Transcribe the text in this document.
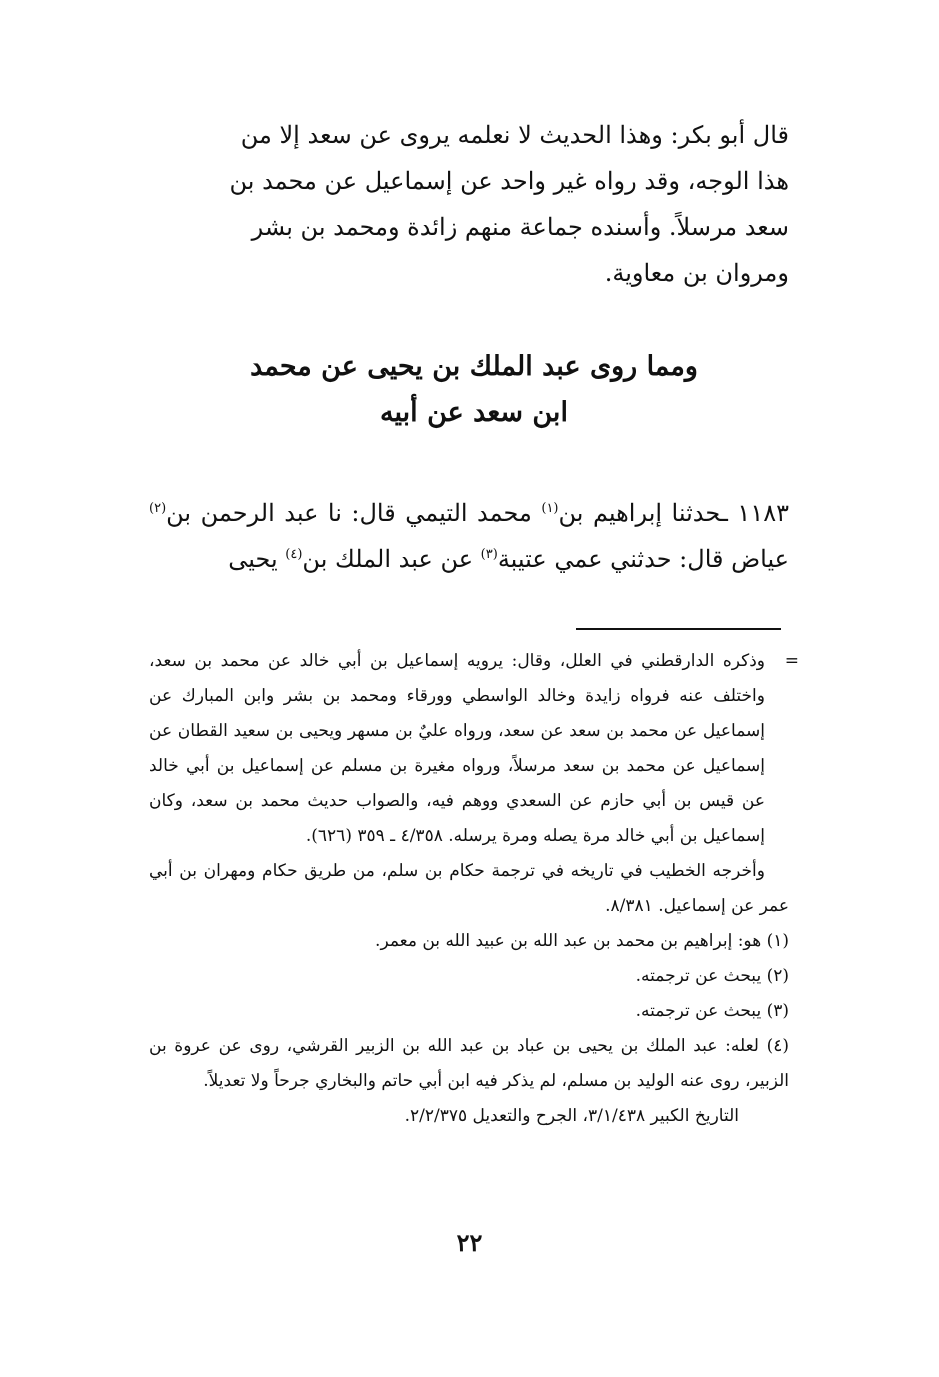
قال أبو بكر: وهذا الحديث لا نعلمه يروى عن سعد إلا من

هذا الوجه، وقد رواه غير واحد عن إسماعيل عن محمد بن

سعد مرسلاً. وأسنده جماعة منهم زائدة ومحمد بن بشر

ومروان بن معاوية.

ومما روى عبد الملك بن يحيى عن محمد
ابن سعد عن أبيه

١١٨٣ ـحدثنا إبراهيم بن$^{(١)}$ محمد التيمي قال: نا عبد الرحمن بن$^{(٢)}$ عياض قال: حدثني عمي عتيبة$^{(٣)}$ عن عبد الملك بن$^{(٤)}$ يحيى

=
وذكره الدارقطني في العلل، وقال: يرويه إسماعيل بن أبي خالد عن محمد بن سعد، واختلف عنه فرواه زايدة وخالد الواسطي وورقاء ومحمد بن بشر وابن المبارك عن إسماعيل عن محمد بن سعد عن سعد، ورواه عليٌ بن مسهر ويحيى بن سعيد القطان عن إسماعيل عن محمد بن سعد مرسلاً، ورواه مغيرة بن مسلم عن إسماعيل بن أبي خالد عن قيس بن أبي حازم عن السعدي ووهم فيه، والصواب حديث محمد بن سعد، وكان إسماعيل بن أبي خالد مرة يصله ومرة يرسله. ٤/٣٥٨ ـ ٣٥٩ (٦٢٦).

وأخرجه الخطيب في تاريخه في ترجمة حكام بن سلم، من طريق حكام ومهران بن أبي عمر عن إسماعيل. ٨/٣٨١.

(١) هو: إبراهيم بن محمد بن عبد الله بن عبيد الله بن معمر.

(٢) يبحث عن ترجمته.

(٣) يبحث عن ترجمته.

(٤) لعله: عبد الملك بن يحيى بن عباد بن عبد الله بن الزبير القرشي، روى عن عروة بن الزبير، روى عنه الوليد بن مسلم، لم يذكر فيه ابن أبي حاتم والبخاري جرحاً ولا تعديلاً.

التاريخ الكبير ٣/١/٤٣٨، الجرح والتعديل ٢/٢/٣٧٥.

٢٢
